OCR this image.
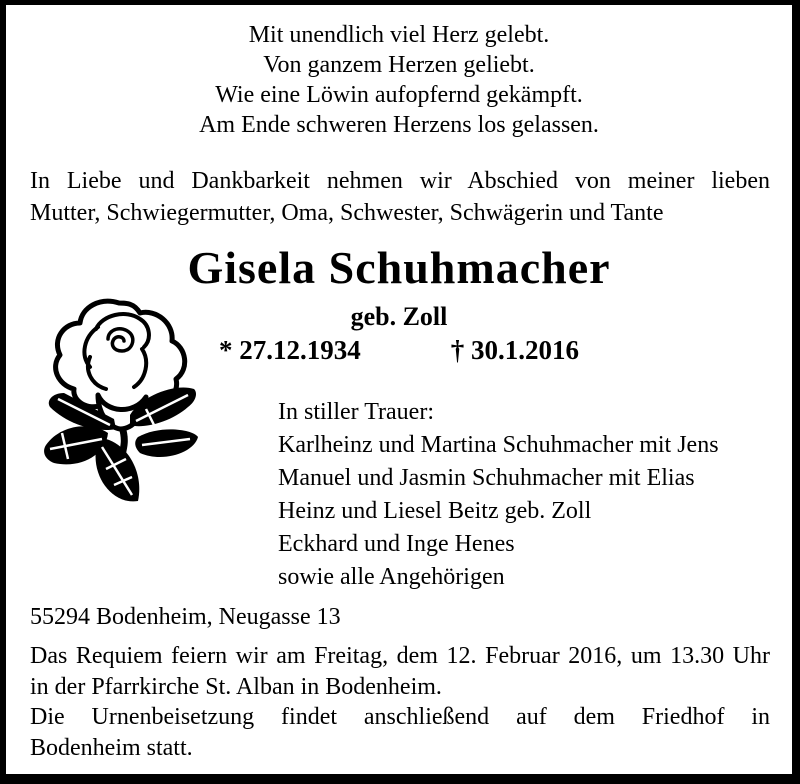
Mit unendlich viel Herz gelebt.
Von ganzem Herzen geliebt.
Wie eine Löwin aufopfernd gekämpft.
Am Ende schweren Herzens los gelassen.
In Liebe und Dankbarkeit nehmen wir Abschied von meiner lieben
Mutter, Schwiegermutter, Oma, Schwester, Schwägerin und Tante
Gisela Schuhmacher
geb. Zoll
* 27.12.1934	† 30.1.2016
In stiller Trauer:
Karlheinz und Martina Schuhmacher mit Jens
Manuel und Jasmin Schuhmacher mit Elias
Heinz und Liesel Beitz geb. Zoll
Eckhard und Inge Henes
sowie alle Angehörigen
55294 Bodenheim, Neugasse 13
Das Requiem feiern wir am Freitag, dem 12. Februar 2016, um 13.30 Uhr
in der Pfarrkirche St. Alban in Bodenheim.
Die Urnenbeisetzung findet anschließend auf dem Friedhof in
Bodenheim statt.
